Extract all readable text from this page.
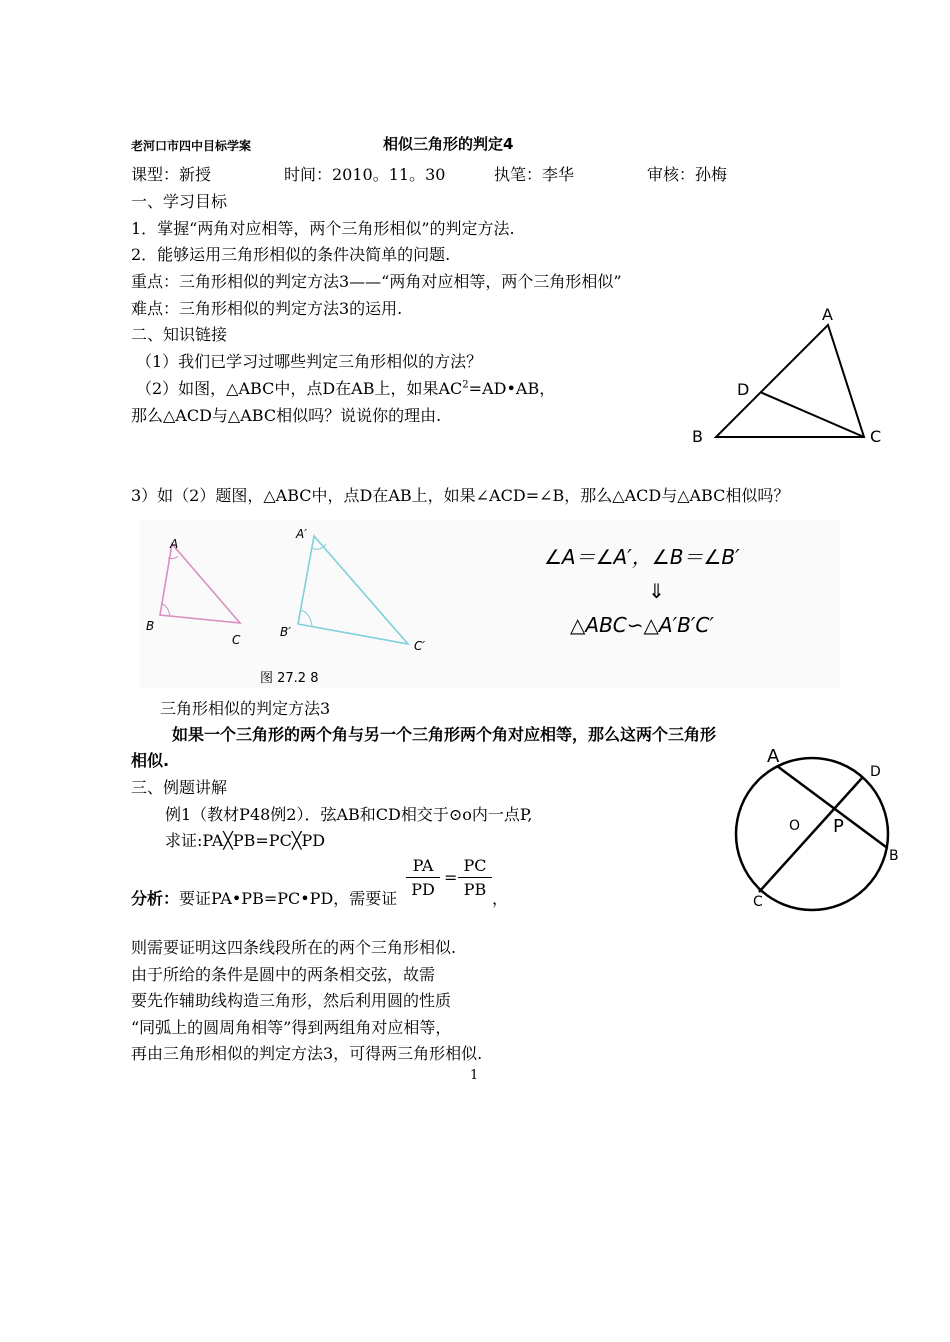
老河口市四中目标学案	相似三角形的判定4
课型：新授	时间：2010。11。30	执笔：李华	审核：孙梅
一、学习目标
1．掌握“两角对应相等，两个三角形相似”的判定方法.
2．能够运用三角形相似的条件决简单的问题.
重点：三角形相似的判定方法3——“两角对应相等，两个三角形相似”
难点：三角形相似的判定方法3的运用.
二、知识链接
（1）我们已学习过哪些判定三角形相似的方法？
（2）如图，△ABC中，点D在AB上，如果$AC^2=AD•AB$，
那么△ACD与△ABC相似吗？说说你的理由.
A
D
B	C
3）如（2）题图，△ABC中，点D在AB上，如果∠ACD=∠B，那么△ACD与△ABC相似吗？
A
B
C
A′
B′
C′
图 27.2 8
∠A＝∠A′，∠B＝∠B′
⇓
△ABC∽△A′B′C′
三角形相似的判定方法3
如果一个三角形的两个角与另一个三角形两个角对应相等，那么这两个三角形
相似.
三、例题讲解
例1（教材P48例2）．弦AB和CD相交于⊙o内一点P,
求证:PA╳PB=PC╳PD
分析：要证PA•PB=PC•PD，需要证
PA
PD
=
PC
PB ，
则需要证明这四条线段所在的两个三角形相似.
由于所给的条件是圆中的两条相交弦，故需
要先作辅助线构造三角形，然后利用圆的性质
“同弧上的圆周角相等”得到两组角对应相等，
再由三角形相似的判定方法3，可得两三角形相似.
A
D
O P
B
C
1
